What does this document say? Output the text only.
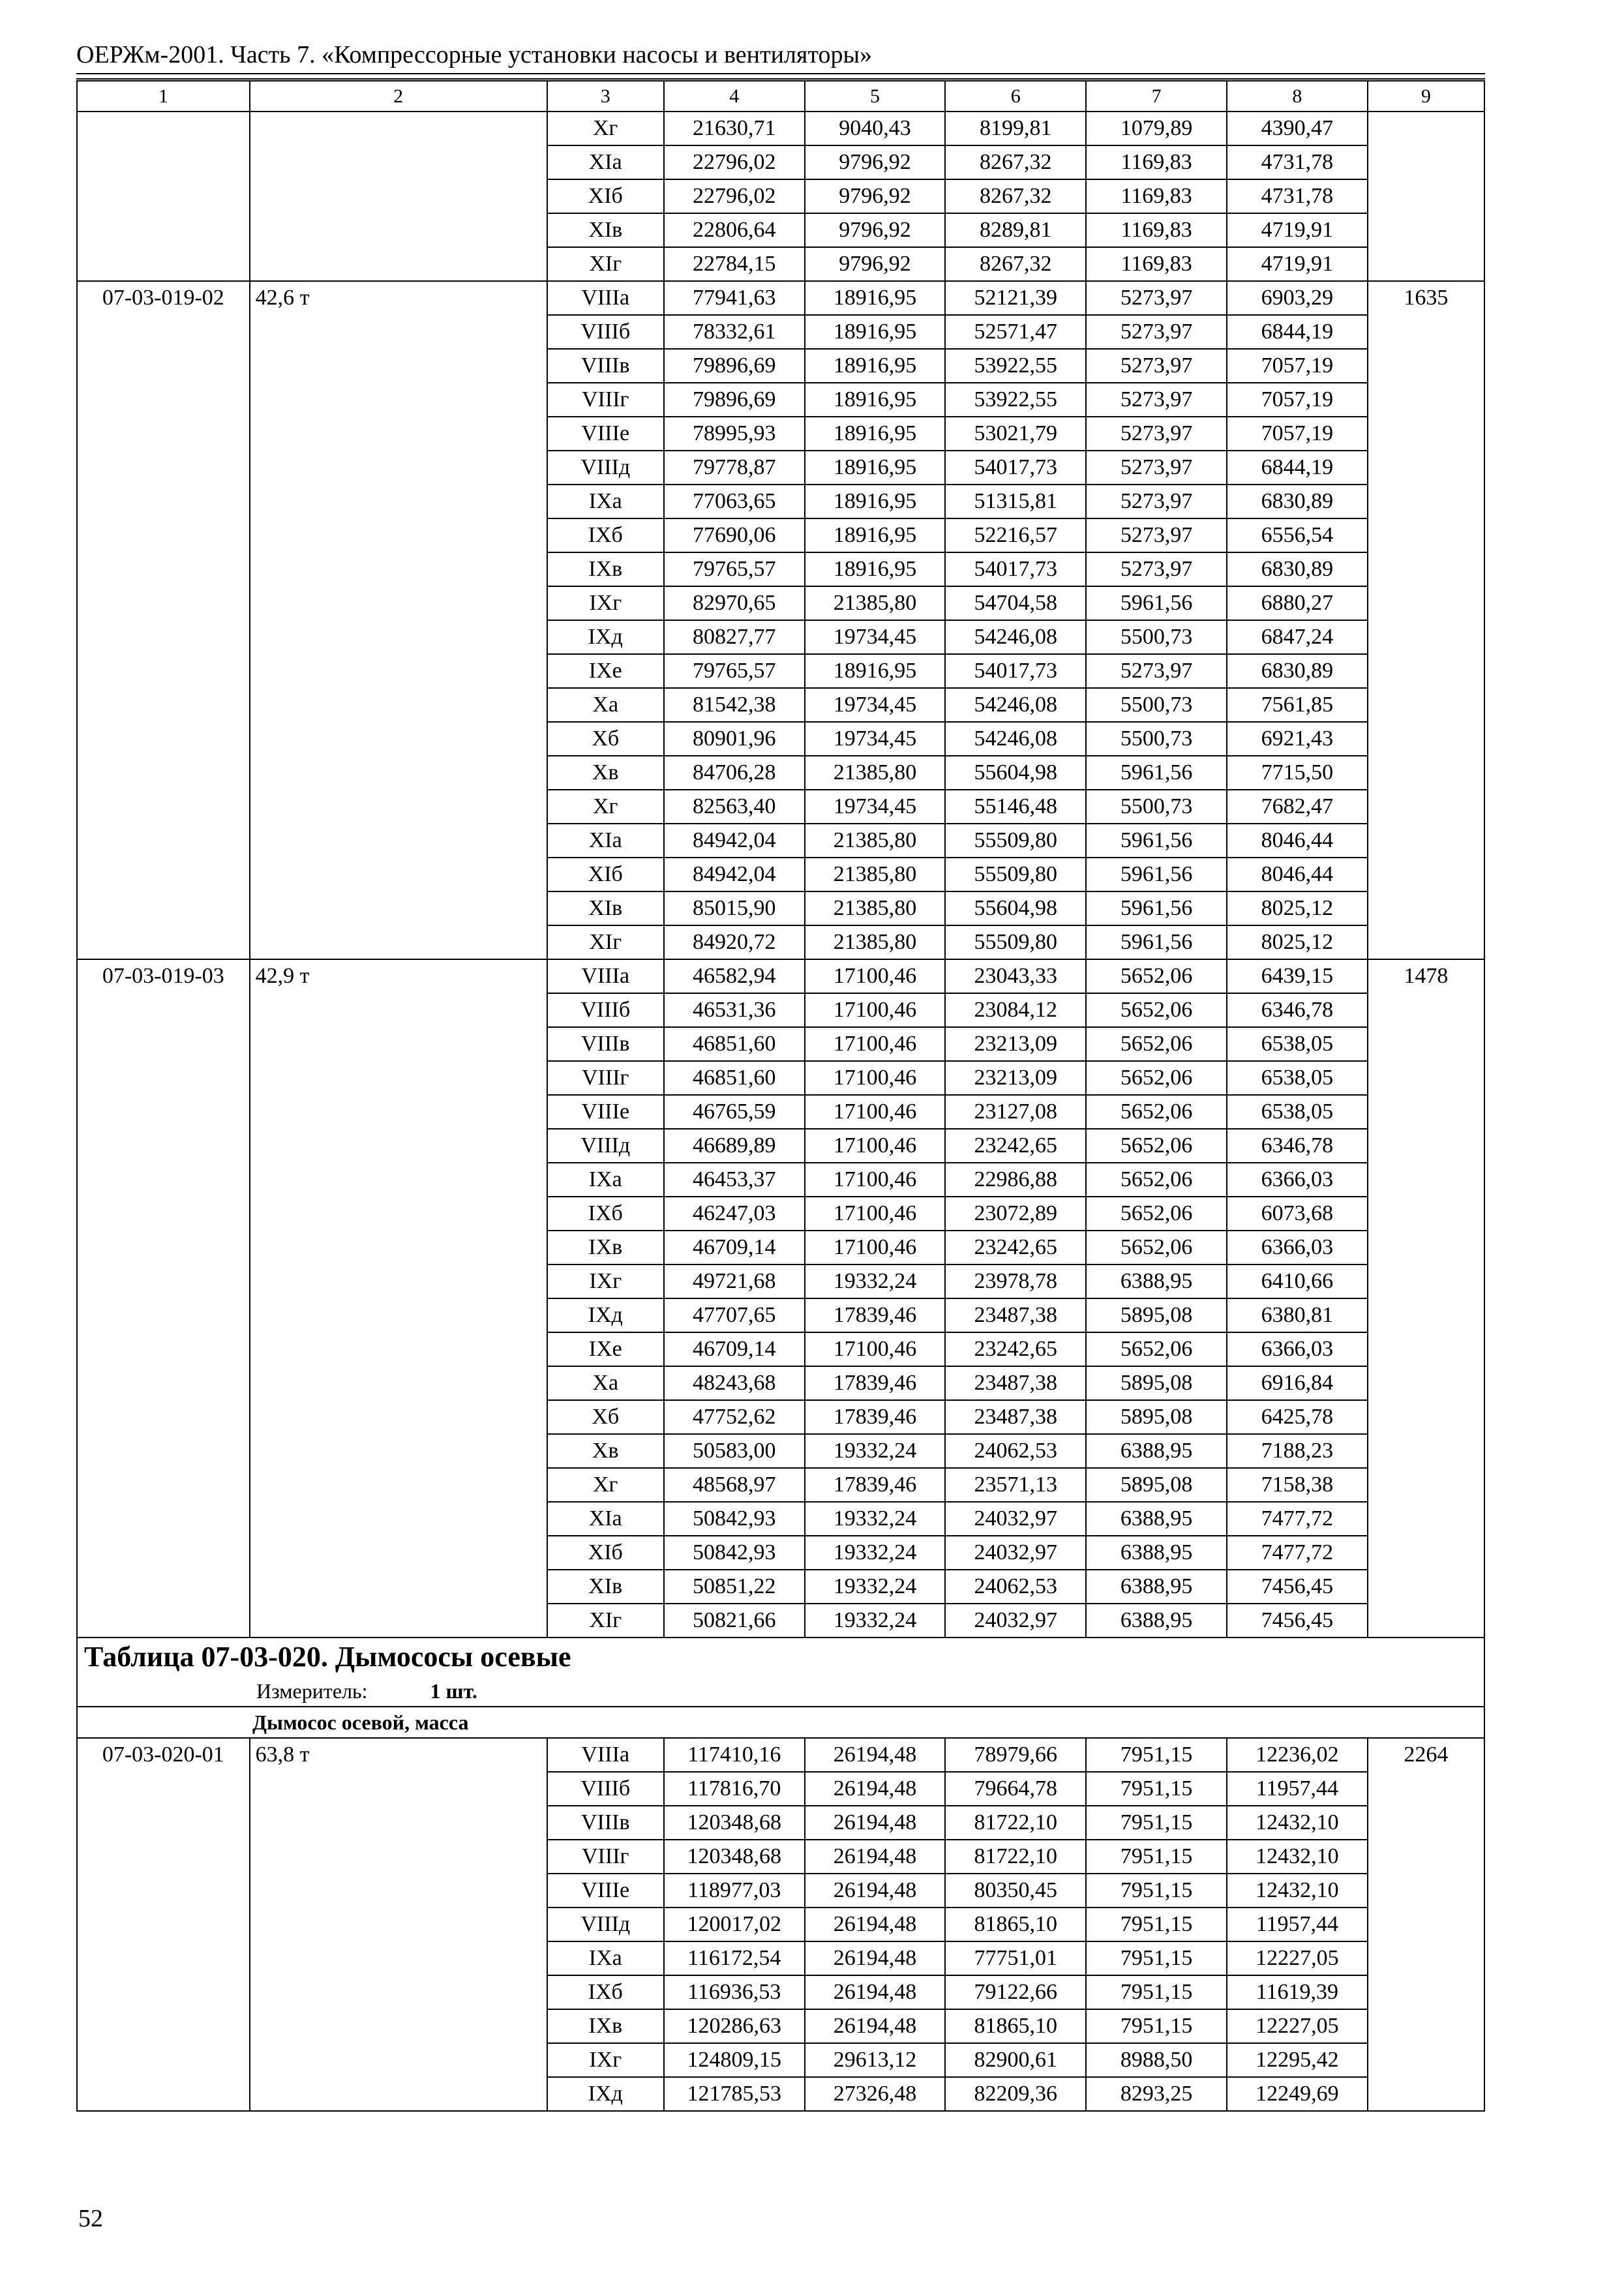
ОЕРЖм-2001. Часть 7. «Компрессорные установки насосы и вентиляторы»
1	2	3	4	5	6	7	8	9
		Хг	21630,71	9040,43	8199,81	1079,89	4390,47	
		ХIа	22796,02	9796,92	8267,32	1169,83	4731,78	
		ХIб	22796,02	9796,92	8267,32	1169,83	4731,78	
		ХIв	22806,64	9796,92	8289,81	1169,83	4719,91	
		ХIг	22784,15	9796,92	8267,32	1169,83	4719,91	
07-03-019-02	42,6 т	VIIIа	77941,63	18916,95	52121,39	5273,97	6903,29	1635
		VIIIб	78332,61	18916,95	52571,47	5273,97	6844,19	
		VIIIв	79896,69	18916,95	53922,55	5273,97	7057,19	
		VIIIг	79896,69	18916,95	53922,55	5273,97	7057,19	
		VIIIе	78995,93	18916,95	53021,79	5273,97	7057,19	
		VIIIд	79778,87	18916,95	54017,73	5273,97	6844,19	
		IХа	77063,65	18916,95	51315,81	5273,97	6830,89	
		IХб	77690,06	18916,95	52216,57	5273,97	6556,54	
		IХв	79765,57	18916,95	54017,73	5273,97	6830,89	
		IХг	82970,65	21385,80	54704,58	5961,56	6880,27	
		IХд	80827,77	19734,45	54246,08	5500,73	6847,24	
		IХе	79765,57	18916,95	54017,73	5273,97	6830,89	
		Ха	81542,38	19734,45	54246,08	5500,73	7561,85	
		Хб	80901,96	19734,45	54246,08	5500,73	6921,43	
		Хв	84706,28	21385,80	55604,98	5961,56	7715,50	
		Хг	82563,40	19734,45	55146,48	5500,73	7682,47	
		ХIа	84942,04	21385,80	55509,80	5961,56	8046,44	
		ХIб	84942,04	21385,80	55509,80	5961,56	8046,44	
		ХIв	85015,90	21385,80	55604,98	5961,56	8025,12	
		ХIг	84920,72	21385,80	55509,80	5961,56	8025,12	
07-03-019-03	42,9 т	VIIIа	46582,94	17100,46	23043,33	5652,06	6439,15	1478
		VIIIб	46531,36	17100,46	23084,12	5652,06	6346,78	
		VIIIв	46851,60	17100,46	23213,09	5652,06	6538,05	
		VIIIг	46851,60	17100,46	23213,09	5652,06	6538,05	
		VIIIе	46765,59	17100,46	23127,08	5652,06	6538,05	
		VIIIд	46689,89	17100,46	23242,65	5652,06	6346,78	
		IХа	46453,37	17100,46	22986,88	5652,06	6366,03	
		IХб	46247,03	17100,46	23072,89	5652,06	6073,68	
		IХв	46709,14	17100,46	23242,65	5652,06	6366,03	
		IХг	49721,68	19332,24	23978,78	6388,95	6410,66	
		IХд	47707,65	17839,46	23487,38	5895,08	6380,81	
		IХе	46709,14	17100,46	23242,65	5652,06	6366,03	
		Ха	48243,68	17839,46	23487,38	5895,08	6916,84	
		Хб	47752,62	17839,46	23487,38	5895,08	6425,78	
		Хв	50583,00	19332,24	24062,53	6388,95	7188,23	
		Хг	48568,97	17839,46	23571,13	5895,08	7158,38	
		ХIа	50842,93	19332,24	24032,97	6388,95	7477,72	
		ХIб	50842,93	19332,24	24032,97	6388,95	7477,72	
		ХIв	50851,22	19332,24	24062,53	6388,95	7456,45	
		ХIг	50821,66	19332,24	24032,97	6388,95	7456,45	
Таблица 07-03-020. Дымососы осевые								
Измеритель: 1 шт.								
Дымосос осевой, масса								
07-03-020-01	63,8 т	VIIIа	117410,16	26194,48	78979,66	7951,15	12236,02	2264
		VIIIб	117816,70	26194,48	79664,78	7951,15	11957,44	
		VIIIв	120348,68	26194,48	81722,10	7951,15	12432,10	
		VIIIг	120348,68	26194,48	81722,10	7951,15	12432,10	
		VIIIе	118977,03	26194,48	80350,45	7951,15	12432,10	
		VIIIд	120017,02	26194,48	81865,10	7951,15	11957,44	
		IХа	116172,54	26194,48	77751,01	7951,15	12227,05	
		IХб	116936,53	26194,48	79122,66	7951,15	11619,39	
		IХв	120286,63	26194,48	81865,10	7951,15	12227,05	
		IХг	124809,15	29613,12	82900,61	8988,50	12295,42	
		IХд	121785,53	27326,48	82209,36	8293,25	12249,69	
52
